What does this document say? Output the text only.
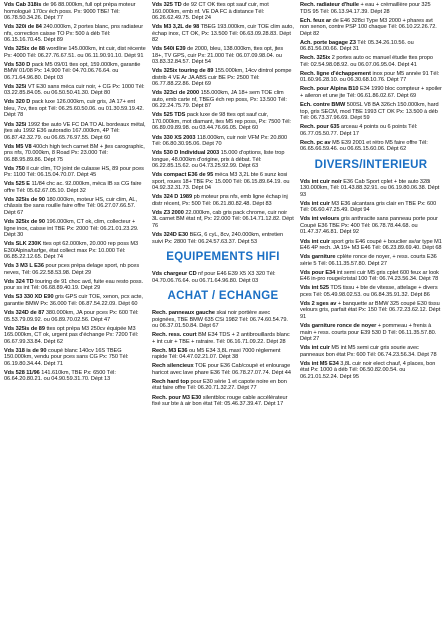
Vds Cab 318is de 96 88.000km, full opt prépa moteur homologué 170cv éch poss. Px: 9000 TBE! Tél: 06.78.50.34.26. Dépt 77

Vds 320i de 84 240.000km, 2 portes blanc, pns radiateur nfs, correction caisse TO Px: 500 à déb Tél: 06.15.16.70.45. Dépt 89

Vds 325ix de 88 wordline 145.000km, int cuir, dist récente Px: 4000 Tél: 06.27.76.67.51. ou 06.11.90.91.10. Dépt 91

Vds 530 D pack M5 09/01 ttes opt, 159.000km, garantie BMW 01/08 Px: 14.900 Tél: 04.70.06.76.64. ou 06.71.64.96.80. Dépt 03

Vds 325i VT E30 sans méca cuir noir, + CG Px: 1000 Tél: 03.22.85.84.05. ou 06.50.50.41.30. Dépt 80

Vds 320 D pack luxe 126.000km, cuir gris, JA 17+ ent bleu, 7cv, ttes opt Tél: 06.25.60.50.06. ou 01.30.59.19.42. Dépt 78

Vds 325i 1992 tbe auto VE FC DA TO AL bordeaux métal, jtes alu 1992 E36 autoradio 167.000km, 4P Tél: 06.87.42.32.79. ou 06.65.76.97.55. Dépt 60

Vds M5 V8 400ch high tech carnet BM + jtes carographic, pns nfs, 70.000km, 8 Road Px: 23.000 Tél: 06.88.95.89.86. Dépt 75

Vds 750 il cuir clim, TO joint de culasse HS, 89 pour pces Px: 1100 Tél: 06.15.04.70.07. Dépt 45

Vds 525 E 11/84 chc ac. 92.000km, méca IB ss CG faire offre Tél: 05.62.67.05.10. Dépt 32

Vds 325is de 90 180.000km, moteur HS, cuir clim, AL, châssis tbe sans rouille faire offre Tél: 06.27.07.66.57. Dépt 67

Vds 325ix de 90 196.000km, CT ok, clim, collecteur + ligne inox, caisse int TBE Px: 2000 Tél: 06.21.01.23.29. Dépt 30

Vds SLK 230K ttes opt 62.000km, 20.000 rep poss M3 E30/Alpina/tarfge, état collect max Px: 10.000 Tél: 06.85.22.12.65. Dépt 74

Vds 3 M3 L E36 pour pces prépa delage sport, nb pces neves, Tél: 06.22.58.53.98. Dépt 29

Vds 324 TD touring de 91 choc avd, fuite eau resto poss. pour ss int Tél: 06.68.89.40.19. Dépt 29

Vds S3 330 XD E90 gris GPS cuir TOE, xenon, pcx acte, garantie BMW Px: 36.000 Tél: 06.87.54.22.09. Dépt 60

Vds 324D de 87 380.000km, JA pour pces Px: 600 Tél: 05.53.79.09.92. ou 06.89.70.02.56. Dépt 47

Vds 325is de 89 ttes opt prépa M3 250cv équipée M3 165.000km, CT ok, urgent pas d'échange Px: 7200 Tél: 06.67.99.33.84. Dépt 62

Vds 318 is de 90 coupé blanc 140cv 16S TBEG 150.000km, vendu pour pces sans CG Px: 750 Tél: 06.19.80.34.44. Dépt 71

Vds 528 11/96 141.610km, TBE Px: 6500 Tél: 06.64.20.80.21. ou 04.90.59.31.70. Dépt 13

Vds 325 TD de 92 CT OK ttes opt sauf cuir, mot 160.000km, emb nf. VE DA FC à distance Tél: 06.26.62.49.75. Dépt 24

Vds M3 3,2L de 98 TBEG 193.000km, cuir TOE clim auto, échap inox, CT OK, Px: 13.500 Tél: 06.63.09.28.83. Dépt 82

Vds 540i E39 de 2000, bleu, 138.000km, ttes opt, jtes 18+, TV GPS, cuir Px: 21.000 Tél: 06.07.09.98.04. ou 03.83.32.84.57. Dépt 54

Vds 325ix touring de 89 155.000km, 14cv dintrol pompe distrib 4 VE Ar JA ABS cuir BE Px: 2500 Tél: 06.77.88.22.86. Dépt 69

Vds 323ci de 2000 155.000km, JA 18+ sem TOE clim auto, emb carte nf, TBEG éch rep poss, Px: 13.500 Tél: 06.22.24.75.79. Dépt 87

Vds 525 TDS pack luxe de 98 ttes opt sauf cuir, 170.000km, mot diamant, ites M5 rep poss, Px: 7500 Tél: 06.89.09.89.98. ou 03.44.76.66.05. Dépt 60

Vds 330 XS 2003 118.000km, cuir noir VFM Px: 20.800 Tél: 06.80.30.95.06. Dépt 70

Vds 530 D Individual 2003 15.000 d'options, liste trop longue, 48.000km d'origine, prix à débat. Tél: 06.22.85.15.62. ou 04.73.25.92.99. Dépt 63

Vds compact E36 de 95 méca M3 3,2L bte 6 sunz kosi sport, roues 18+ TBE Px: 15.000 Tél: 06.15.89.64.19. ou 04.92.32.31.73. Dépt 04

Vds 324 D 1989 pb moteur pns nfs, emb ligne échap inj distr récent, Px: 500 Tél: 06.21.80.82.48. Dépt 83

Vds Z3 2000 22.000km, cab gris pack chrome, cuir noir 3L carnet BM état nf, Px: 22.000 Tél: 06.14.71.12.82. Dépt 76

Vds 324D E30 BEG, 6 cyL, 8cv, 240.000km, entretien suivi Px: 2800 Tél: 06.24.57.63.37. Dépt 53

EQUIPEMENTS HIFI

Vds chargeur CD nf pour E46 E39 X5 X3 320 Tél: 04.70.06.76.64. ou 06.71.64.96.80. Dépt 03

ACHAT / ECHANGE

Rech. panneaux gauche skai noir portière avec poignées, TBE BMW 635 CSi 1982 Tél: 06.74.60.54.79. ou 06.37.01.50.84. Dépt 67

Rech. ress. court BM E34 TDS + 2 antibrouillards blanc + int cuir + TBE + ratraire. Tél: 06.16.71.09.22. Dépt 28

Rech. M3 E36 ou M5 E34 3,8L maxi 7000 réglement rapide Tél: 04.47.02.21.07. Dépt 38

Rech silencieux TOE pour E36 Cab/coupé et enlourage haricot avec lave phare E36 Tél: 06.78.27.07.74. Dépt 44

Rech hard top pour E30 série 1 et capote noire en bon état faire offre Tél: 06.20.71.32.27. Dépt 77

Rech. pour M3 E30 silentbloc rouge cable accélérateur fixé sur bte à air bon état Tél: 05.46.37.39.47. Dépt 17

Rech. radiateur d'huile + eau + crémaillère pour 325 TDS 95 Tél: 06.13.94.17.39. Dépt 28

Ech. feux ar de E46 328ci Type M3 2000 + phares avt non xenon, contre PSP 100 chaque Tél: 06.10.22.26.72. Dépt 82

Ach. porte bagage Z3 Tél: 05.34.26.10.56. ou 06.81.56.00.66. Dépt 31

Rech. 325ix 2 portes auto oc manuel étudie ttes propo Tél: 02.54.98.08.92. ou 06.07.06.95.04. Dépt 41

Rech. ligne d'échappement inox pour M5 année 91 Tél: 01.60.96.28.10. ou 06.30.68.10.76. Dépt 77

Rech. pour Alpina B10 E34 1990 bloc compteur + spoiler + aileron et une jte Tél: 06.61.86.02.67. Dépt 69

Ech. contre BMW 500SL V8 BA 326ch 150.000km, hard top, gris SECM, mod TBE 1993 CT OK Px: 13.500 à déb Tél: 06.73.37.96.69. Dépt 59

Rech. pour 635 arceau 4 points ou 6 points Tél: 06.77.05.50.77. Dépt 17

Rech. pc av M5 E39 2001 et rétro M5 faire offre Tél: 06.65.66.59.46. ou 06.65.15.60.06. Dépt 62

DIVERS/INTERIEUR

Vds int cuir noir E36 Cab Sport cplet + bte auto 328i 130.000km, Tél: 01.43.88.32.91. ou 06.19.80.06.38. Dépt 93

Vds int cuir M3 E36 alcantara gris clair en TBE Px: 600 Tél: 06.60.47.25.49. Dépt 94

Vds int velours gris anthracite sans panneau porte pour Coupé E36 TBE Px: 400 Tél: 06.78.78.44.68. ou 01.47.37.46.81. Dépt 92

Vds int cuir sport gris E46 coupé + bouclier av/ar type M1 E46 4P rech. JA 19+ M3 E46 Tél: 06.23.89.69.40. Dépt 68

Vds garniture cplète ronce de noyer, + ress. courts E36 série 5 Tél: 06.11.35.57.80. Dépt 27

Vds pour E34 int semi cuir M5 gris cplet 600 feux ar look E46 in-pro rouge/cristal 100 Tél: 06.74.23.56.34. Dépt 78

Vds int 525 TDS tissu + bte de vitesse, attelage + divers pces Tél: 05.49.98.02.53. ou 06.84.35.91.32. Dépt 86

Vds 2 sges av + banquette ar BMW 325 coupé E30 tissu velours gris, parfait état Px: 150 Tél: 06.72.23.62.12. Dépt 91

Vds garniture ronce de noyer + pommeau + frenis à main + ress. courts pour E39 530 D Tél: 06.11.35.57.80. Dépt 27

Vds int cuir M5 int M5 semi cuir gris sourie avec panneaux bon état Px: 600 Tél: 06.74.23.56.34. Dépt 78

Vds int M5 E34 3,8L cuir noir elect chauf, 4 places, bon état Px: 1000 à déb Tél: 06.50.82.00.54. ou 06.21.01.52.24. Dépt 95
